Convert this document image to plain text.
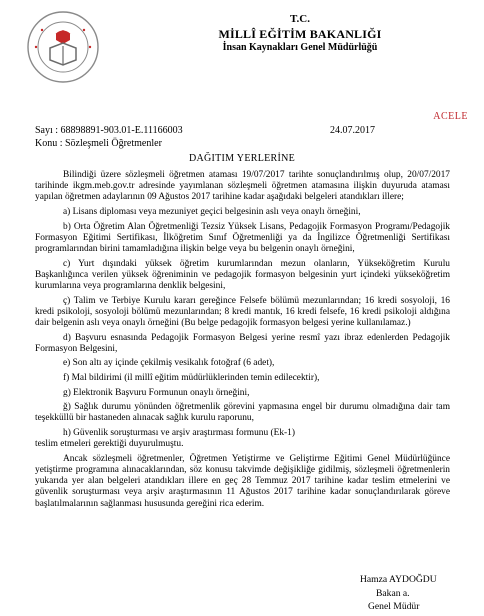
T.C.
MİLLÎ EĞİTİM BAKANLIĞI
İnsan Kaynakları Genel Müdürlüğü
ACELE
Sayı : 68898891-903.01-E.11166003	24.07.2017
Konu : Sözleşmeli Öğretmenler
DAĞITIM YERLERİNE

Bilindiği üzere sözleşmeli öğretmen ataması 19/07/2017 tarihte sonuçlandırılmış olup, 20/07/2017 tarihinde ikgm.meb.gov.tr adresinde yayımlanan sözleşmeli öğretmen atamasına ilişkin duyuruda ataması yapılan öğretmen adaylarının 09 Ağustos 2017 tarihine kadar aşağıdaki belgeleri atandıkları illere;

a) Lisans diploması veya mezuniyet geçici belgesinin aslı veya onaylı örneğini,

b) Orta Öğretim Alan Öğretmenliği Tezsiz Yüksek Lisans, Pedagojik Formasyon Programı/Pedagojik Formasyon Eğitimi Sertifikası, İlköğretim Sınıf Öğretmenliği ya da İngilizce Öğretmenliği Sertifikası programlarından birini tamamladığına ilişkin belge veya bu belgenin onaylı örneğini,

c) Yurt dışındaki yüksek öğretim kurumlarından mezun olanların, Yükseköğretim Kurulu Başkanlığınca verilen yüksek öğreniminin ve pedagojik formasyon belgesinin yurt içindeki yükseköğretim kurumlarına veya programlarına denklik belgesini,

ç) Talim ve Terbiye Kurulu kararı gereğince Felsefe bölümü mezunlarından; 16 kredi sosyoloji, 16 kredi psikoloji, sosyoloji bölümü mezunlarından; 8 kredi mantık, 16 kredi felsefe, 16 kredi psikoloji aldığına dair belgenin aslı veya onaylı örneğini (Bu belge pedagojik formasyon belgesi yerine kullanılamaz.)

d) Başvuru esnasında Pedagojik Formasyon Belgesi yerine resmî yazı ibraz edenlerden Pedagojik Formasyon Belgesini,

e) Son altı ay içinde çekilmiş vesikalık fotoğraf (6 adet),

f) Mal bildirimi (il millî eğitim müdürlüklerinden temin edilecektir),

g) Elektronik Başvuru Formunun onaylı örneğini,

ğ) Sağlık durumu yönünden öğretmenlik görevini yapmasına engel bir durumu olmadığına dair tam teşekküllü bir hastaneden alınacak sağlık kurulu raporunu,

h) Güvenlik soruşturması ve arşiv araştırması formunu (Ek-1)

teslim etmeleri gerektiği duyurulmuştu.

Ancak sözleşmeli öğretmenler, Öğretmen Yetiştirme ve Geliştirme Eğitimi Genel Müdürlüğünce yetiştirme programına alınacaklarından, söz konusu takvimde değişikliğe gidilmiş, sözleşmeli öğretmenlerin yukarıda yer alan belgeleri atandıkları illere en geç 28 Temmuz 2017 tarihine kadar teslim etmelerini ve güvenlik soruşturması veya arşiv araştırmasının 11 Ağustos 2017 tarihine kadar sonuçlandırılarak göreve başlatılmalarının sağlanması hususunda gereğini rica ederim.

Hamza AYDOĞDU
Bakan a.
Genel Müdür
